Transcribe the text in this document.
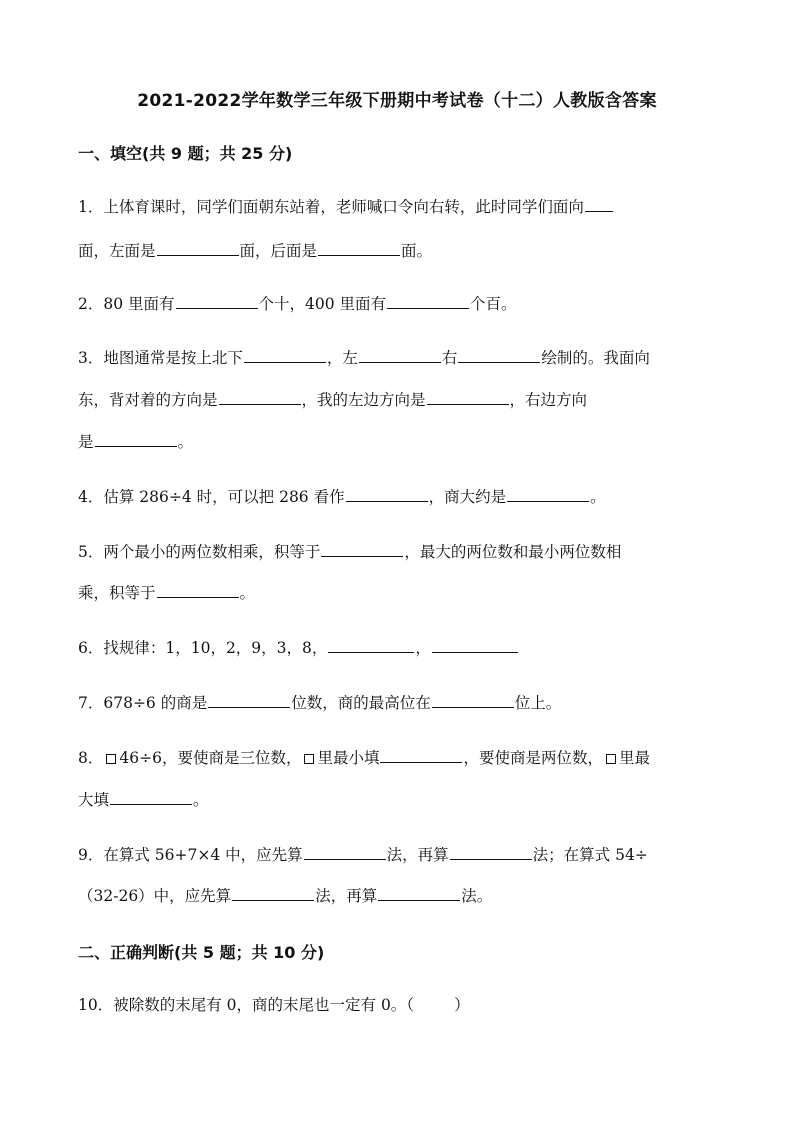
2021-2022学年数学三年级下册期中考试卷（十二）人教版含答案
一、填空(共 9 题；共 25 分)
1．上体育课时，同学们面朝东站着，老师喊口令向右转，此时同学们面向
面，左面是	面，后面是	面。
2．80 里面有	个十，400 里面有	个百。
3．地图通常是按上北下	，左	右	绘制的。我面向
东，背对着的方向是	，我的左边方向是	，右边方向
是	。
4．估算 286÷4 时，可以把 286 看作	，商大约是	。
5．两个最小的两位数相乘，积等于	，最大的两位数和最小两位数相
乘，积等于	。
6．找规律：1，10，2，9，3，8，	，
7．678÷6 的商是	位数，商的最高位在	位上。
8． 46÷6，要使商是三位数， 里最小填	，要使商是两位数， 里最
大填	。
9．在算式 56+7×4 中，应先算	法，再算	法；在算式 54÷
（32-26）中，应先算	法，再算	法。
二、正确判断(共 5 题；共 10 分)
10．被除数的末尾有 0，商的末尾也一定有 0。（	）
